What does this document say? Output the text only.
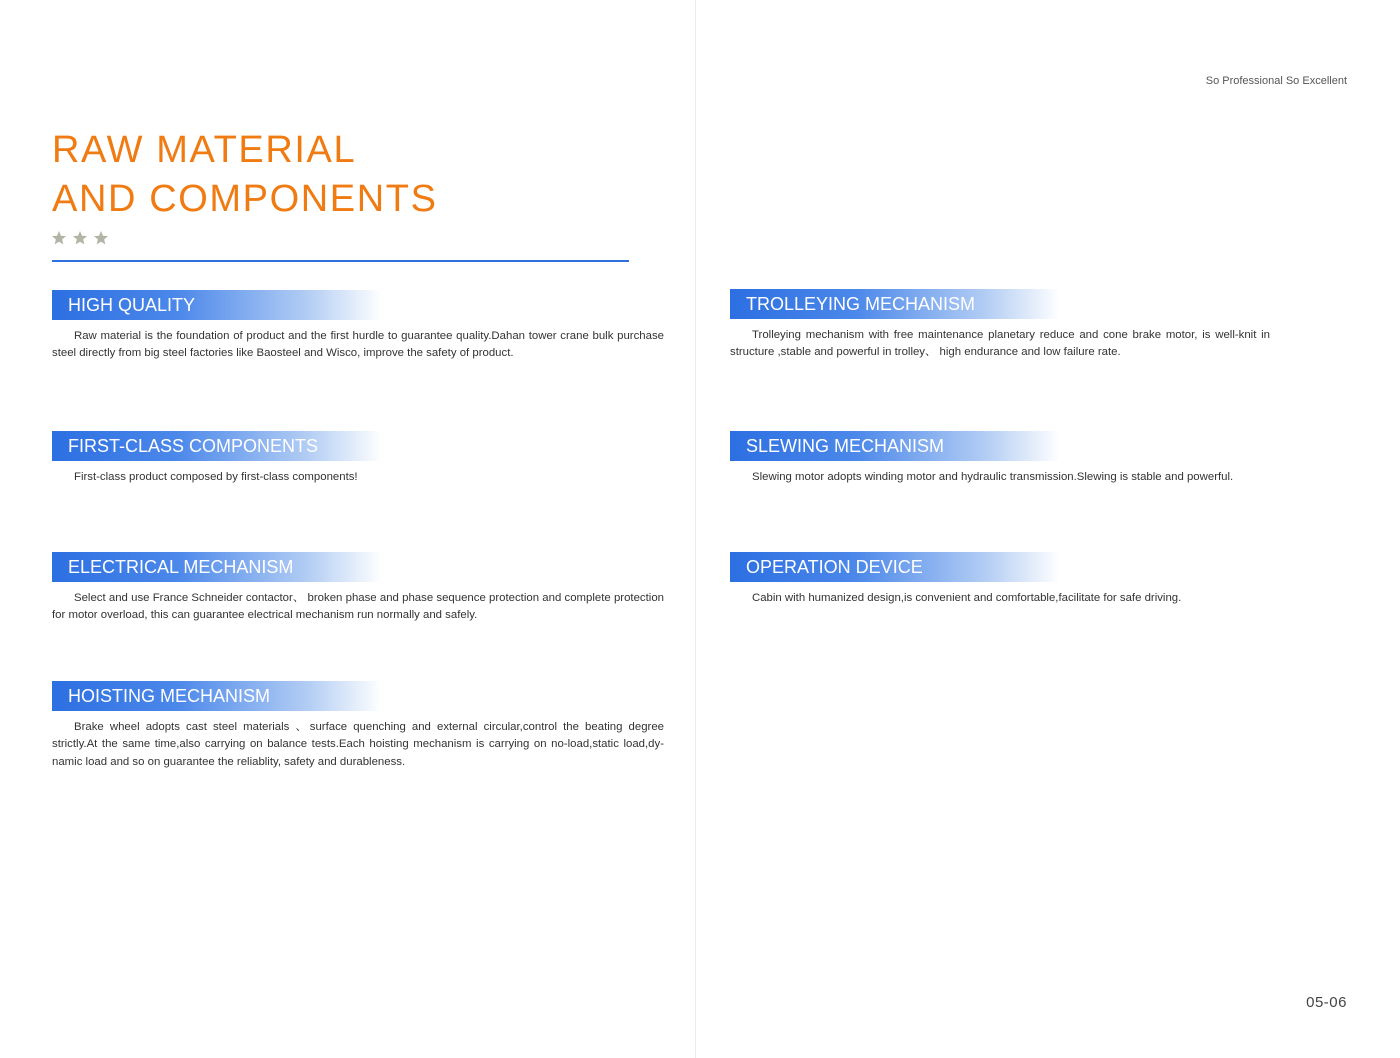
So Professional So Excellent
RAW MATERIAL
AND COMPONENTS
HIGH QUALITY

Raw material is the foundation of product and the first hurdle to guarantee quality.Dahan tower crane bulk purchase steel directly from big steel factories like Baosteel and Wisco, improve the safety of product.

FIRST-CLASS COMPONENTS

First-class product composed by first-class components!

ELECTRICAL MECHANISM

Select and use France Schneider contactor、 broken phase and phase sequence protection and complete protection for motor overload, this can guarantee electrical mechanism run normally and safely.

HOISTING MECHANISM

Brake wheel adopts cast steel materials 、surface quenching and external circular,control the beating degree strictly.At the same time,also carrying on balance tests.Each hoisting mechanism is carrying on no-load,static load,dy-namic load and so on guarantee the reliablity, safety and durableness.

TROLLEYING MECHANISM

Trolleying mechanism with free maintenance planetary reduce and cone brake motor, is well-knit in structure ,stable and powerful in trolley、 high endurance and low failure rate.

SLEWING MECHANISM

Slewing motor adopts winding motor and hydraulic transmission.Slewing is stable and powerful.

OPERATION DEVICE

Cabin with humanized design,is convenient and comfortable,facilitate for safe driving.

05-06
